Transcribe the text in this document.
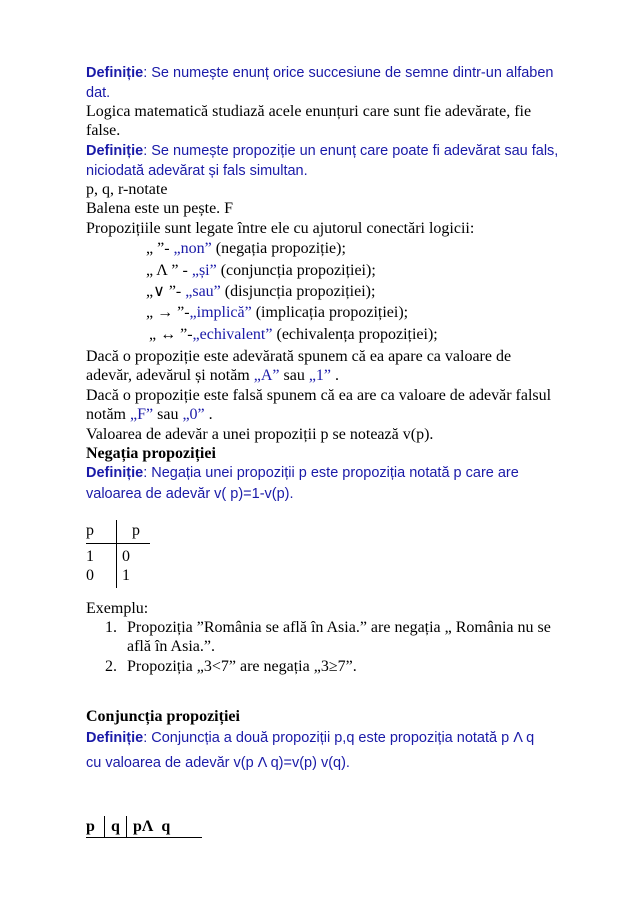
Definiție: Se numește enunț orice succesiune de semne dintr-un alfaben
dat.
Logica matematică studiază acele enunțuri care sunt fie adevărate, fie
false.
Definiție: Se numește propoziție un enunț care poate fi adevărat sau fals,
niciodată adevărat și fals simultan.
p, q, r-notate
Balena este un pește. F
Propozițiile sunt legate între ele cu ajutorul conectări logicii:
„ ”- „non” (negația propoziție);
„ Λ ” - „și” (conjuncția propoziției);
„∨ ”- „sau” (disjuncția propoziției);
„ → ”-„implică” (implicația propoziției);
„ ↔ ”-„echivalent” (echivalența propoziției);
Dacă o propoziție este adevărată spunem că ea apare ca valoare de
adevăr, adevărul și notăm „A” sau „1” .
Dacă o propoziție este falsă spunem că ea are ca valoare de adevăr falsul
notăm „F” sau „0” .
Valoarea de adevăr a unei propoziții p se notează v(p).
Negația propoziției
Definiție: Negația unei propoziții p este propoziția notată p care are
valoarea de adevăr v( p)=1-v(p).
p p
1 0
0 1
Exemplu:
1. Propoziția ”România se află în Asia.” are negația „ România nu se
află în Asia.”.
2. Propoziția „3<7” are negația „3≥7”.
Conjuncția propoziției
Definiție: Conjuncția a două propoziții p,q este propoziția notată p Λ q
cu valoarea de adevăr v(p Λ q)=v(p) v(q).
p q pΛ  q
